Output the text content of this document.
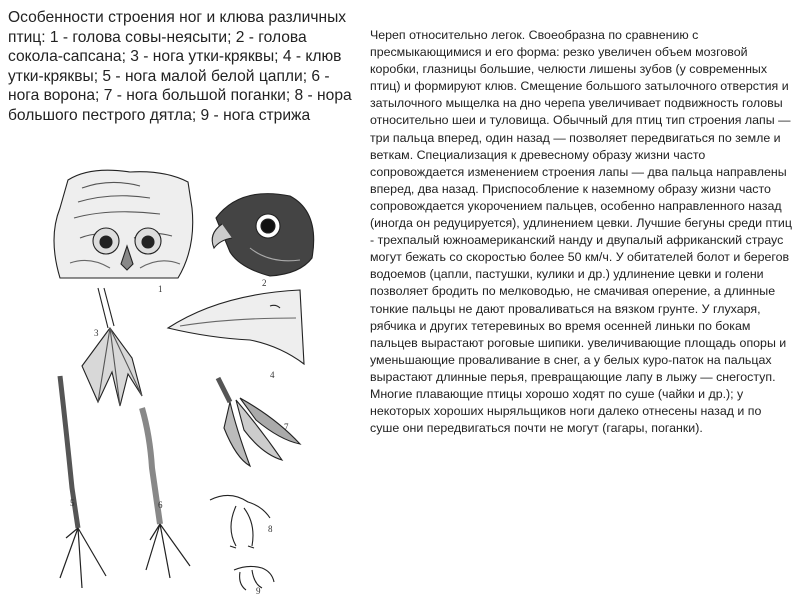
Особенности строения ног и клюва различных птиц: 1 - голова совы-неясыти; 2 - голова сокола-сапсана; 3 - нога утки-кряквы; 4 - клюв утки-кряквы; 5 - нога малой белой цапли; 6 - нога ворона; 7 - нога большой поганки; 8 - нора большого пестрого дятла; 9 - нога стрижа
Череп относительно легок. Своеобразна по сравнению с пресмыкающимися и его форма: резко увеличен объем мозговой коробки, глазницы большие, челюсти лишены зубов (у современных птиц) и формируют клюв. Смещение большого затылочного отверстия и затылочного мыщелка на дно черепа увеличивает подвижность головы относительно шеи и туловища. Обычный для птиц тип строения лапы — три пальца вперед, один назад — позволяет передвигаться по земле и веткам. Специализация к древесному образу жизни часто сопровождается изменением строения лапы — два пальца направлены вперед, два назад. Приспособление к наземному образу жизни часто сопровождается укорочением пальцев, особенно направленного назад (иногда он редуцируется), удлинением цевки. Лучшие бегуны среди птиц - трехпалый южноамериканский нанду и двупалый африканский страус могут бежать со скоростью более 50 км/ч. У обитателей болот и берегов водоемов (цапли, пастушки, кулики и др.) удлинение цевки и голени позволяет бродить по мелководью, не смачивая оперение, а длинные тонкие пальцы не дают проваливаться на вязком грунте. У глухаря, рябчика и других тетеревиных во время осенней линьки по бокам пальцев вырастают роговые шипики. увеличивающие площадь опоры и уменьшающие проваливание в снег, а у белых куро-паток на пальцах вырастают длинные перья, превращающие лапу в лыжу — снегоступ. Многие плавающие птицы хорошо ходят по суше (чайки и др.); у некоторых хороших ныряльщиков ноги далеко отнесены назад и по суше они передвигаться почти не могут (гагары, поганки).
1
2
3
4
5	6
7
8
9
